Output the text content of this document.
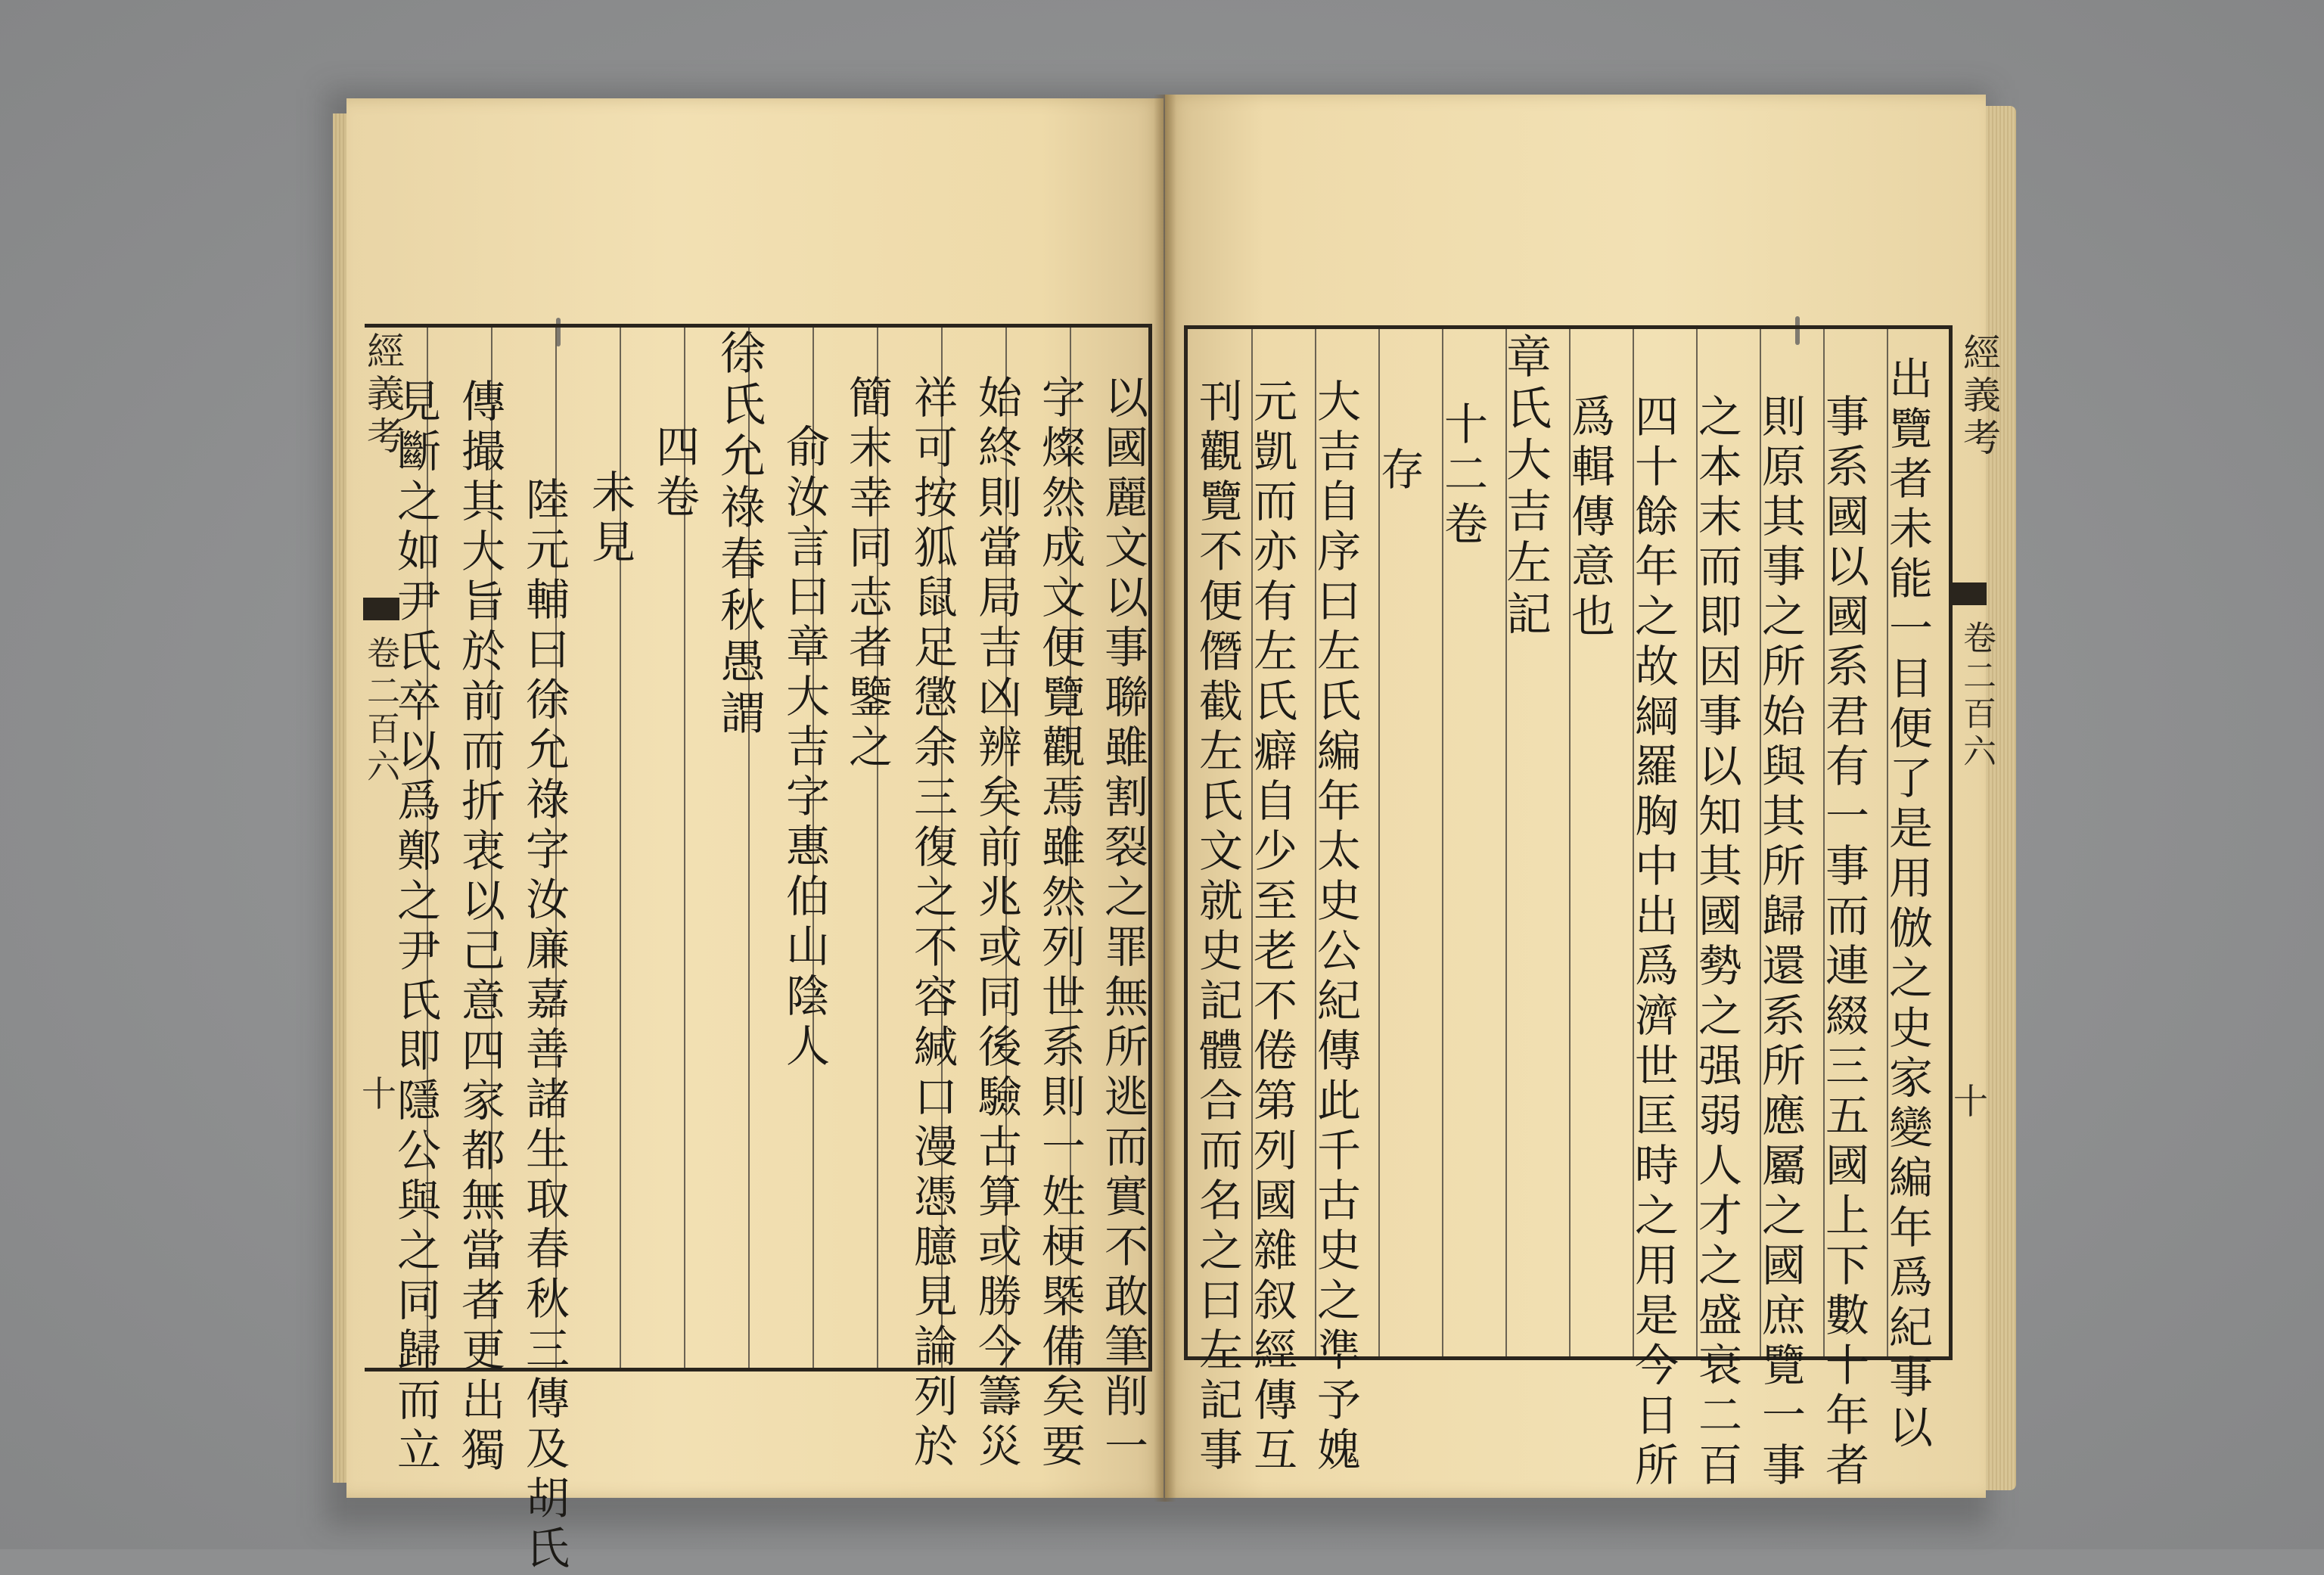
經義考
卷二百六
十	以國麗文以事聯雖割裂之罪無所逃而實不敢筆削一
字燦然成文便覽觀焉雖然列世系則一姓梗槩備矣要
始終則當局吉凶辨矣前兆或同後驗古算或勝今籌災
祥可按狐鼠足懲余三復之不容緘口漫憑臆見論列於
簡末幸同志者鑒之
俞汝言曰章大吉字惠伯山陰人
徐氏允祿春秋愚謂
四卷
未見
陸元輔曰徐允祿字汝廉嘉善諸生取春秋三傳及胡氏
傳撮其大旨於前而折衷以己意四家都無當者更出獨
見斷之如尹氏卒以爲鄭之尹氏即隱公與之同歸而立	經義考
卷二百六
十
出覽者未能一目便了是用倣之史家變編年爲紀事以
事系國以國系君有一事而連綴三五國上下數十年者
則原其事之所始與其所歸還系所應屬之國庶覽一事
之本末而即因事以知其國勢之强弱人才之盛衰二百
四十餘年之故綱羅胸中出爲濟世匡時之用是今日所
爲輯傳意也
章氏大吉左記
十二卷
存
大吉自序曰左氏編年太史公紀傳此千古史之準予媿
元凱而亦有左氏癖自少至老不倦第列國雜叙經傳互
刊觀覽不便僭截左氏文就史記體合而名之曰左記事
